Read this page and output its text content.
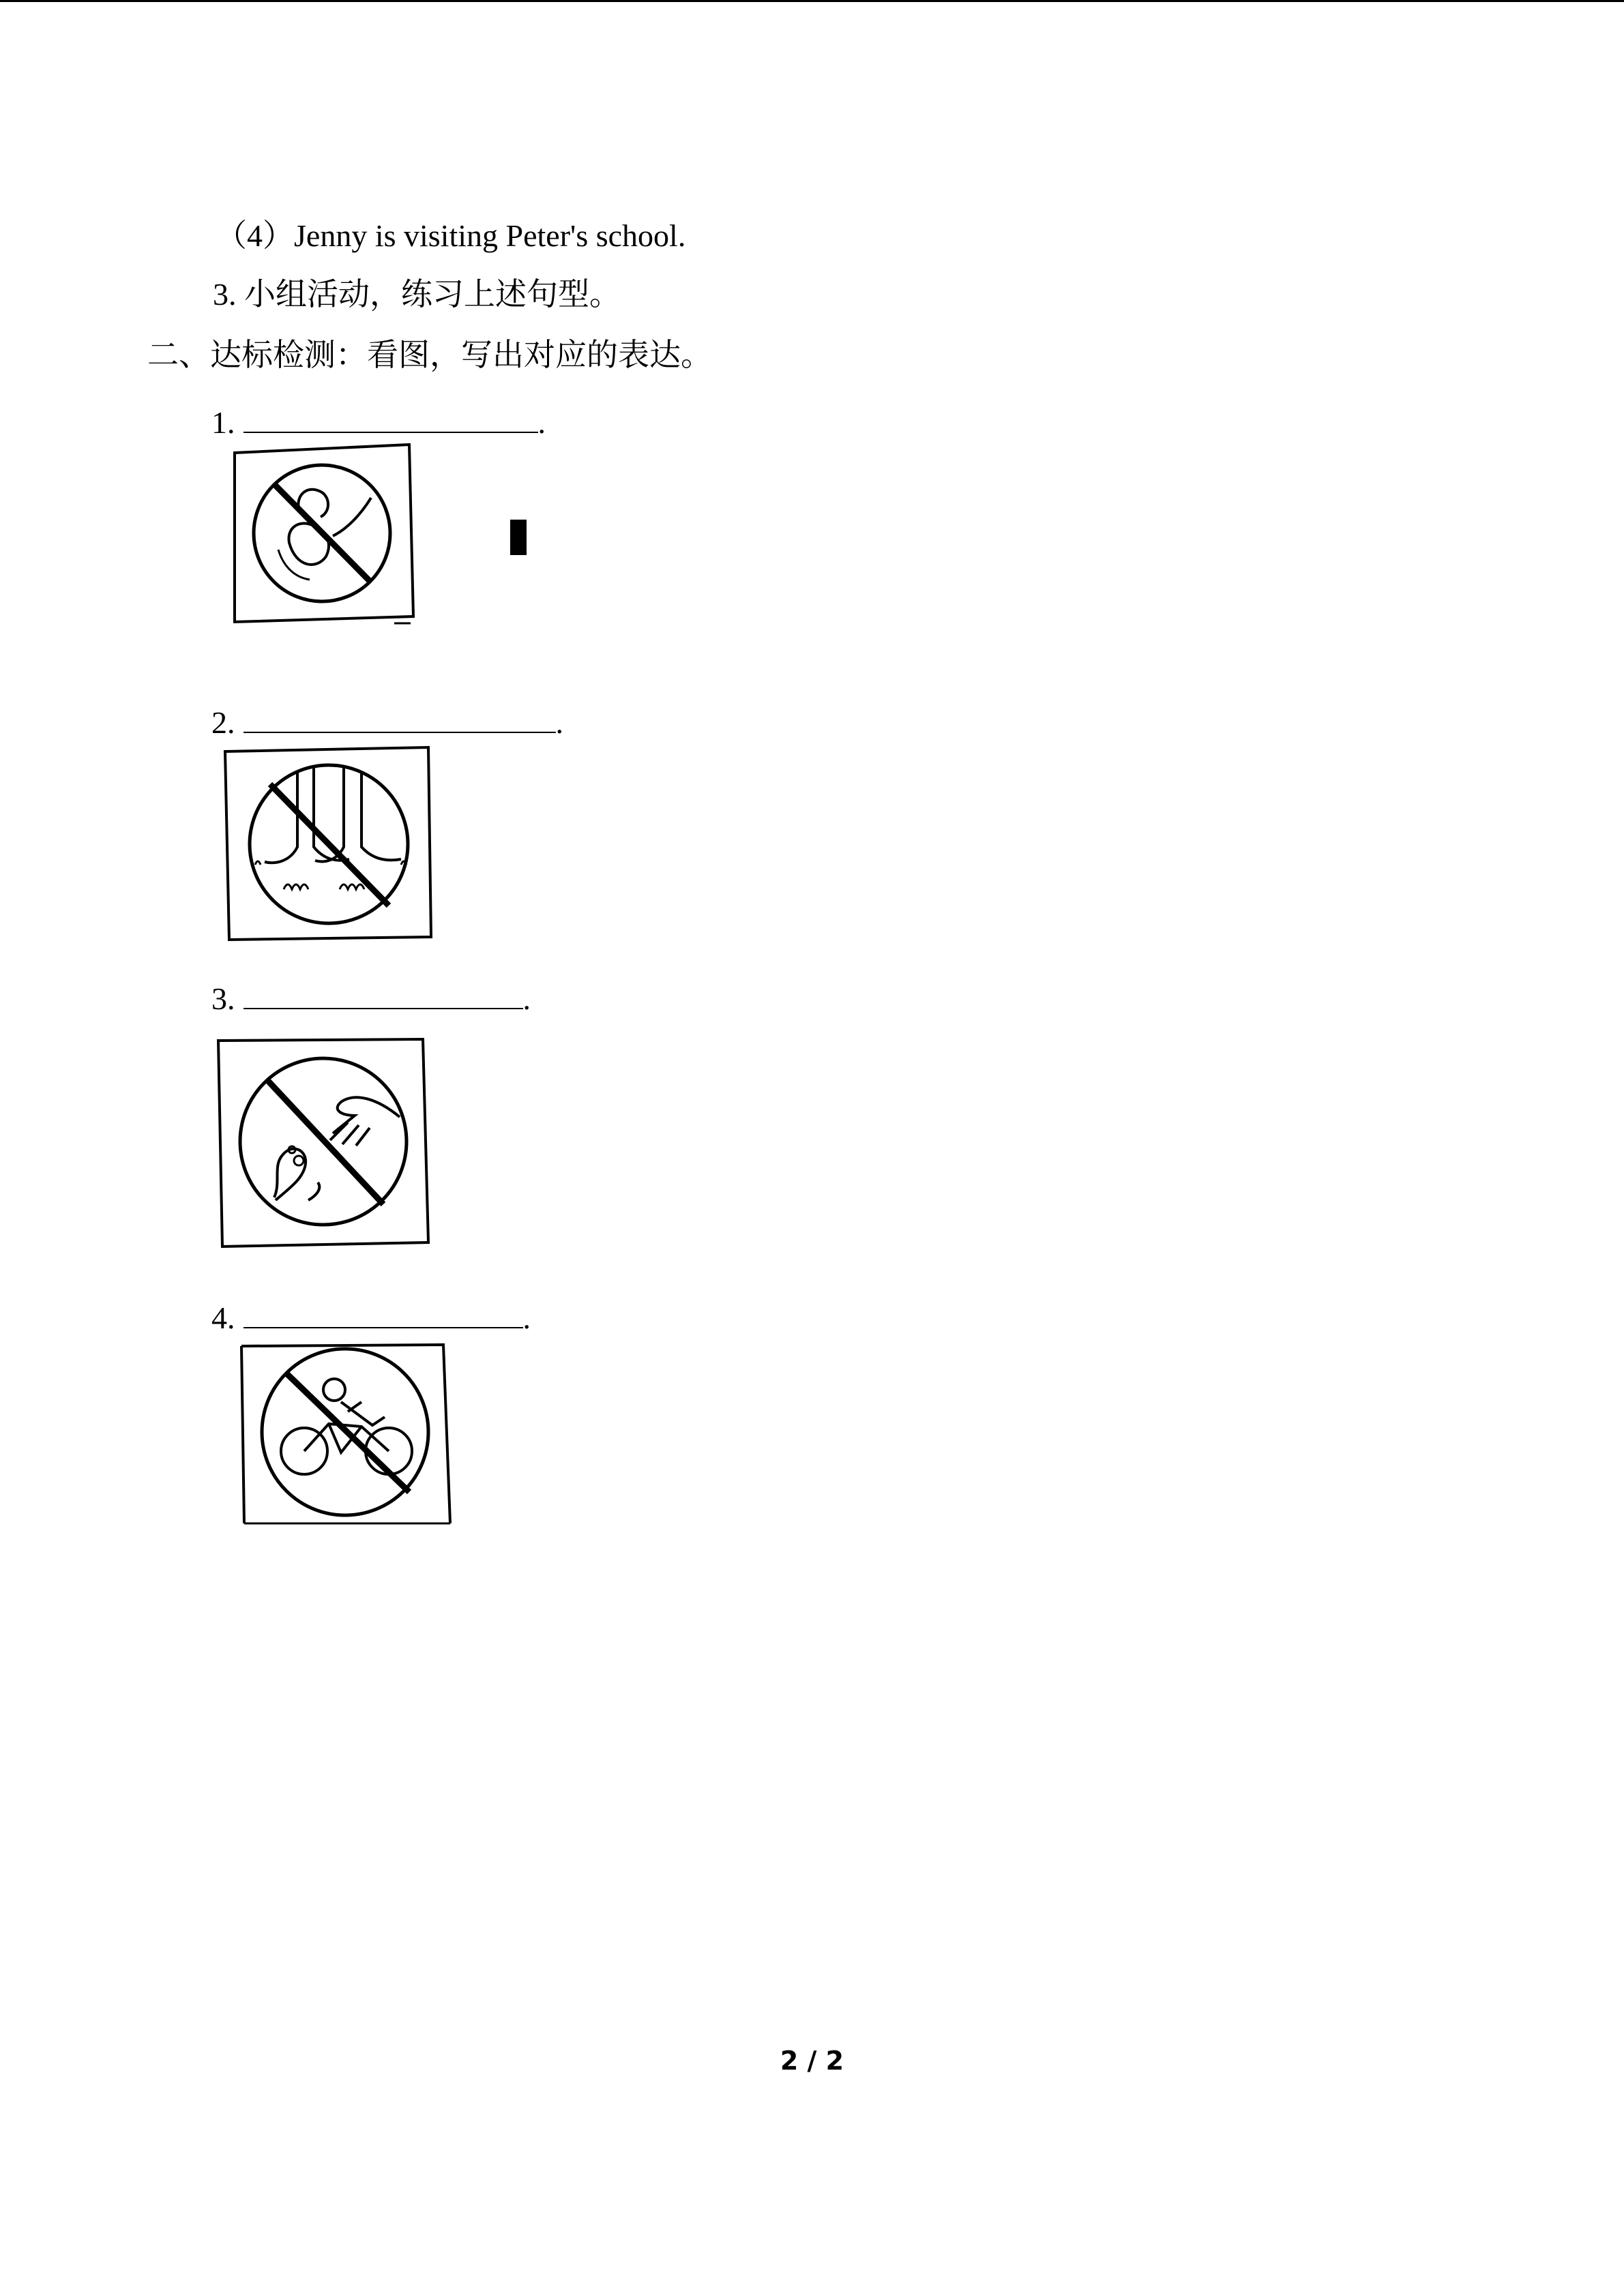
（4）Jenny is visiting Peter's school.
3. 小组活动，练习上述句型。
二、达标检测：看图，写出对应的表达。
1.	.
2.	.
3.	.
4.	.
2 / 2
